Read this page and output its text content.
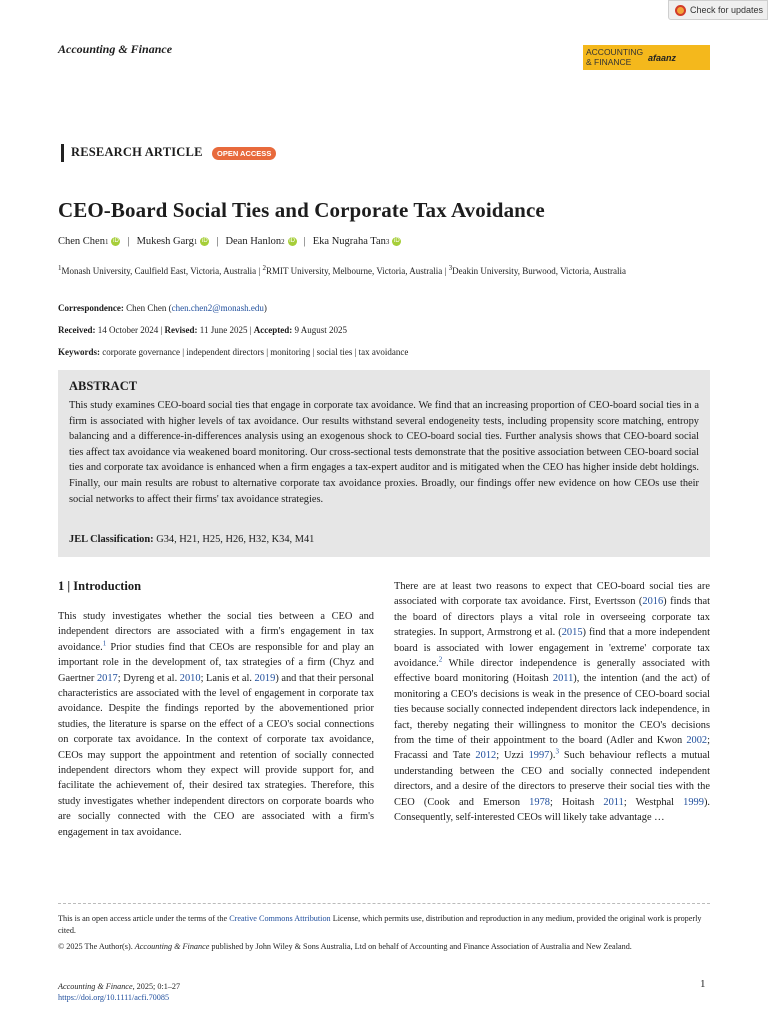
Check for updates
Accounting & Finance	ACCOUNTING
& FINANCE	afaanz
RESEARCH ARTICLE	OPEN ACCESS
CEO-Board Social Ties and Corporate Tax Avoidance
Chen Chen 1 iD | Mukesh Garg 1 iD | Dean Hanlon 2 iD | Eka Nugraha Tan 3 iD
$^1$Monash University, Caulfield East, Victoria, Australia | $^2$RMIT University, Melbourne, Victoria, Australia | $^3$Deakin University, Burwood, Victoria, Australia
Correspondence: Chen Chen (chen.chen2@monash.edu)
Received: 14 October 2024 | Revised: 11 June 2025 | Accepted: 9 August 2025
Keywords: corporate governance | independent directors | monitoring | social ties | tax avoidance
ABSTRACT
This study examines CEO-board social ties that engage in corporate tax avoidance. We find that an increasing proportion of CEO-board social ties in a firm is associated with higher levels of tax avoidance. Our results withstand several endogeneity tests, including propensity score matching, entropy balancing and a difference-in-differences analysis using an exogenous shock to CEO-board social ties. Further analysis shows that CEO-board social ties affect tax avoidance via weakened board monitoring. Our cross-sectional tests demonstrate that the positive association between CEO-board social ties and corporate tax avoidance is enhanced when a firm engages a tax-expert auditor and is mitigated when the CEO has higher inside debt holdings. Finally, our main results are robust to alternative corporate tax avoidance proxies. Broadly, our findings offer new evidence on how CEOs use their social networks to affect their firms' tax avoidance strategies.
JEL Classification: G34, H21, H25, H26, H32, K34, M41
1 | Introduction
This study investigates whether the social ties between a CEO and independent directors are associated with a firm's engagement in tax avoidance.$^1$ Prior studies find that CEOs are responsible for and play an important role in the development of, tax strategies of a firm (Chyz and Gaertner 2017; Dyreng et al. 2010; Lanis et al. 2019) and that their personal characteristics are associated with the level of engagement in corporate tax avoidance. Despite the findings reported by the abovementioned prior studies, the literature is sparse on the effect of a CEO's social connections on corporate tax avoidance. In the context of corporate tax avoidance, CEOs may support the appointment and retention of socially connected independent directors whom they expect will provide support for, and facilitate the achievement of, their desired tax strategies. Therefore, this study investigates whether independent directors on corporate boards who are socially connected with the CEO are associated with a firm's engagement in tax avoidance.
There are at least two reasons to expect that CEO-board social ties are associated with corporate tax avoidance. First, Evertsson (2016) finds that the board of directors plays a vital role in overseeing corporate tax strategies. In support, Armstrong et al. (2015) find that a more independent board is associated with lower engagement in 'extreme' corporate tax avoidance.$^2$ While director independence is generally associated with effective board monitoring (Hoitash 2011), the intention (and the act) of monitoring a CEO's decisions is weak in the presence of CEO-board social ties because socially connected independent directors lack independence, in fact, thereby negating their willingness to monitor the CEO's decisions from the time of their appointment to the board (Adler and Kwon 2002; Fracassi and Tate 2012; Uzzi 1997).$^3$ Such behaviour reflects a mutual understanding between the CEO and socially connected independent directors, and a desire of the directors to preserve their social ties with the CEO (Cook and Emerson 1978; Hoitash 2011; Westphal 1999). Consequently, self-interested CEOs will likely take advantage …

This is an open access article under the terms of the Creative Commons Attribution License, which permits use, distribution and reproduction in any medium, provided the original work is properly cited.

© 2025 The Author(s). Accounting & Finance published by John Wiley & Sons Australia, Ltd on behalf of Accounting and Finance Association of Australia and New Zealand.

Accounting & Finance, 2025; 0:1–27
https://doi.org/10.1111/acfi.70085
1
